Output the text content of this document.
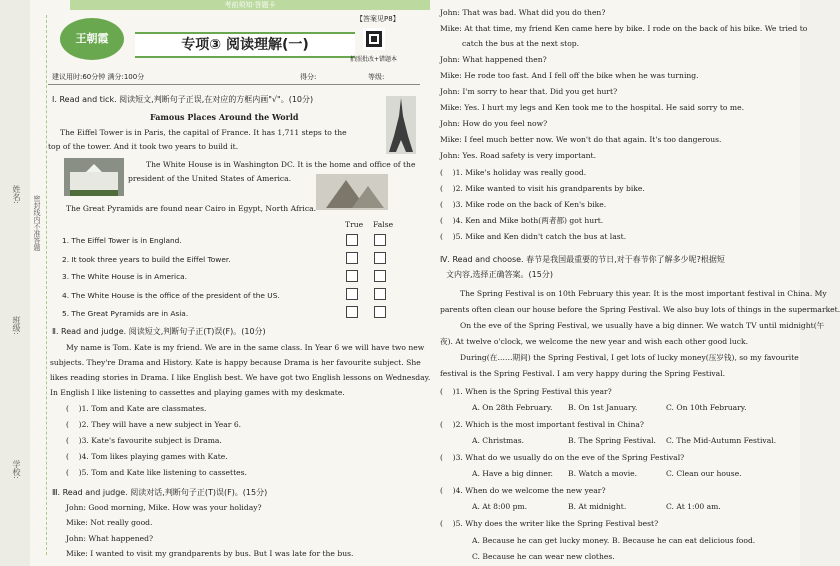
考前须知·答题卡
姓名:
密封线内不准答题
班级:
学校:
王朝霞	专项③ 阅读理解(一)
【答案见P8】
拍照批改+错题本
建议用时:60分钟 满分:100分	得分:	等级:
Ⅰ. Read and tick. 阅读短文,判断句子正误,在对应的方框内画"√"。(10分)
Famous Places Around the World
The Eiffel Tower is in Paris, the capital of France. It has 1,711 steps to the
top of the tower. And it took two years to build it.
The White House is in Washington DC. It is the home and office of the
president of the United States of America.
The Great Pyramids are found near Cairo in Egypt, North Africa.
True False
1. The Eiffel Tower is in England.
2. It took three years to build the Eiffel Tower.
3. The White House is in America.
4. The White House is the office of the president of the US.
5. The Great Pyramids are in Asia.
Ⅱ. Read and judge. 阅读短文,判断句子正(T)误(F)。(10分)
My name is Tom. Kate is my friend. We are in the same class. In Year 6 we will have two new
subjects. They're Drama and History. Kate is happy because Drama is her favourite subject. She
likes reading stories in Drama. I like English best. We have got two English lessons on Wednesday.
In English I like listening to cassettes and playing games with my deskmate.
(    )1. Tom and Kate are classmates.
(    )2. They will have a new subject in Year 6.
(    )3. Kate's favourite subject is Drama.
(    )4. Tom likes playing games with Kate.
(    )5. Tom and Kate like listening to cassettes.
Ⅲ. Read and judge. 阅读对话,判断句子正(T)误(F)。(15分)
John: Good morning, Mike. How was your holiday?
Mike: Not really good.
John: What happened?
Mike: I wanted to visit my grandparents by bus. But I was late for the bus.
John: That was bad. What did you do then?
Mike: At that time, my friend Ken came here by bike. I rode on the back of his bike. We tried to
catch the bus at the next stop.
John: What happened then?
Mike: He rode too fast. And I fell off the bike when he was turning.
John: I'm sorry to hear that. Did you get hurt?
Mike: Yes. I hurt my legs and Ken took me to the hospital. He said sorry to me.
John: How do you feel now?
Mike: I feel much better now. We won't do that again. It's too dangerous.
John: Yes. Road safety is very important.
(    )1. Mike's holiday was really good.
(    )2. Mike wanted to visit his grandparents by bike.
(    )3. Mike rode on the back of Ken's bike.
(    )4. Ken and Mike both(两者都) got hurt.
(    )5. Mike and Ken didn't catch the bus at last.
Ⅳ. Read and choose. 春节是我国最重要的节日,对于春节你了解多少呢?根据短
文内容,选择正确答案。(15分)
The Spring Festival is on 10th February this year. It is the most important festival in China. My
parents often clean our house before the Spring Festival. We also buy lots of things in the supermarket.
On the eve of the Spring Festival, we usually have a big dinner. We watch TV until midnight(午
夜). At twelve o'clock, we welcome the new year and wish each other good luck.
During(在……期间) the Spring Festival, I get lots of lucky money(压岁钱), so my favourite
festival is the Spring Festival. I am very happy during the Spring Festival.
(    )1. When is the Spring Festival this year?
A. On 28th February. B. On 1st January.	C. On 10th February.
(    )2. Which is the most important festival in China?
A. Christmas.	B. The Spring Festival. C. The Mid-Autumn Festival.
(    )3. What do we usually do on the eve of the Spring Festival?
A. Have a big dinner. B. Watch a movie.	C. Clean our house.
(    )4. When do we welcome the new year?
A. At 8:00 pm.	B. At midnight.	C. At 1:00 am.
(    )5. Why does the writer like the Spring Festival best?
A. Because he can get lucky money. B. Because he can eat delicious food.
C. Because he can wear new clothes.
